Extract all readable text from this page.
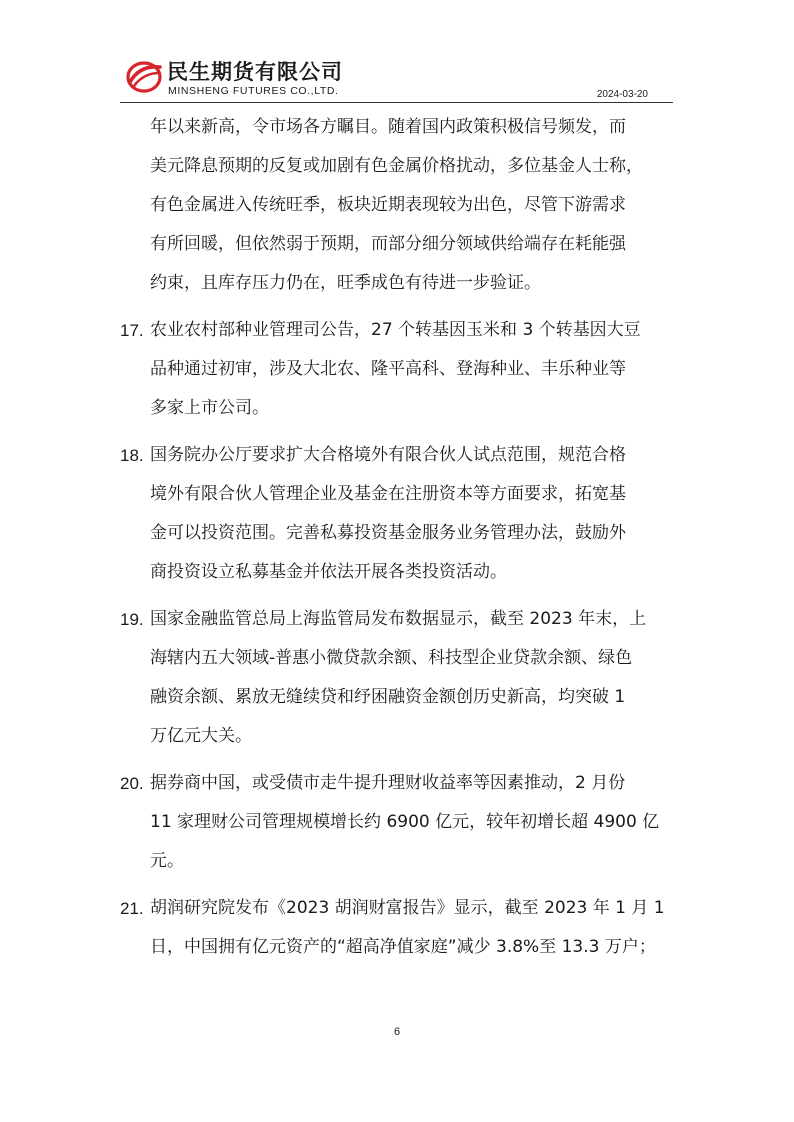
民生期货有限公司
MINSHENG FUTURES CO.,LTD.	2024-03-20
年以来新高，令市场各方瞩目。随着国内政策积极信号频发，而
美元降息预期的反复或加剧有色金属价格扰动，多位基金人士称，
有色金属进入传统旺季，板块近期表现较为出色，尽管下游需求
有所回暖，但依然弱于预期，而部分细分领域供给端存在耗能强
约束，且库存压力仍在，旺季成色有待进一步验证。
17. 农业农村部种业管理司公告，27 个转基因玉米和 3 个转基因大豆
品种通过初审，涉及大北农、隆平高科、登海种业、丰乐种业等
多家上市公司。
18. 国务院办公厅要求扩大合格境外有限合伙人试点范围，规范合格
境外有限合伙人管理企业及基金在注册资本等方面要求，拓宽基
金可以投资范围。完善私募投资基金服务业务管理办法，鼓励外
商投资设立私募基金并依法开展各类投资活动。
19. 国家金融监管总局上海监管局发布数据显示，截至 2023 年末，上
海辖内五大领域-普惠小微贷款余额、科技型企业贷款余额、绿色
融资余额、累放无缝续贷和纾困融资金额创历史新高，均突破 1
万亿元大关。
20. 据券商中国，或受债市走牛提升理财收益率等因素推动，2 月份
11 家理财公司管理规模增长约 6900 亿元，较年初增长超 4900 亿
元。
21. 胡润研究院发布《2023 胡润财富报告》显示，截至 2023 年 1 月 1
日，中国拥有亿元资产的“超高净值家庭”减少 3.8%至 13.3 万户；
6
